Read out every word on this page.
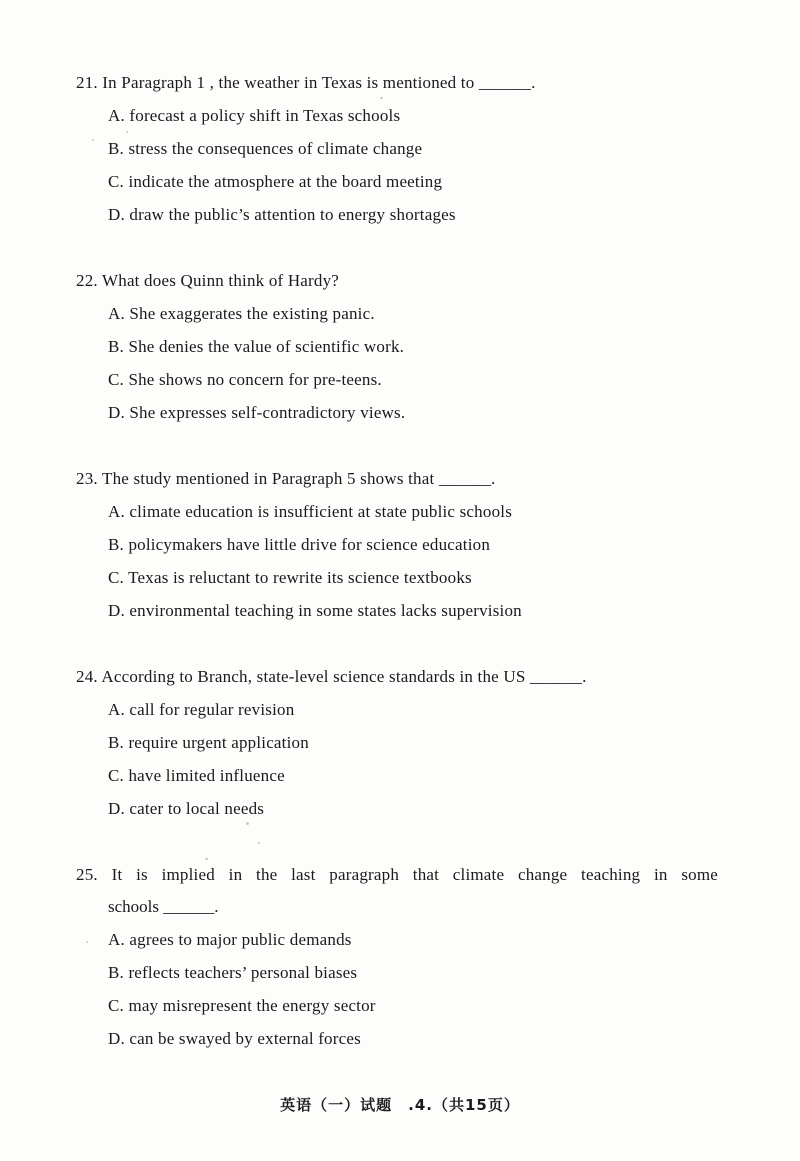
21. In Paragraph 1 , the weather in Texas is mentioned to ______.
A. forecast a policy shift in Texas schools
B. stress the consequences of climate change
C. indicate the atmosphere at the board meeting
D. draw the public’s attention to energy shortages
22. What does Quinn think of Hardy?
A. She exaggerates the existing panic.
B. She denies the value of scientific work.
C. She shows no concern for pre-teens.
D. She expresses self-contradictory views.
23. The study mentioned in Paragraph 5 shows that ______.
A. climate education is insufficient at state public schools
B. policymakers have little drive for science education
C. Texas is reluctant to rewrite its science textbooks
D. environmental teaching in some states lacks supervision
24. According to Branch, state-level science standards in the US ______.
A. call for regular revision
B. require urgent application
C. have limited influence
D. cater to local needs
25. It is implied in the last paragraph that climate change teaching in some
schools ______.
A. agrees to major public demands
B. reflects teachers’ personal biases
C. may misrepresent the energy sector
D. can be swayed by external forces
英语（一）试题　.4.（共15页）
